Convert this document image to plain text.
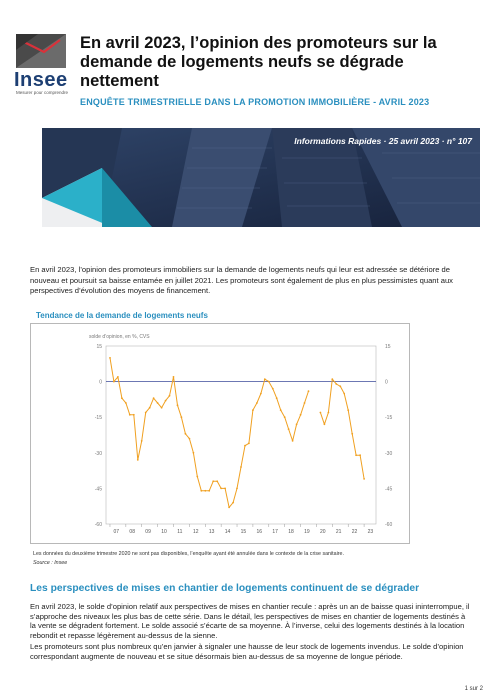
Insee
Mesurer pour comprendre
En avril 2023, l’opinion des promoteurs sur la demande de logements neufs se dégrade nettement
ENQUÊTE TRIMESTRIELLE DANS LA PROMOTION IMMOBILIÈRE - AVRIL 2023
Informations Rapides · 25 avril 2023 · n° 107
En avril 2023, l’opinion des promoteurs immobiliers sur la demande de logements neufs qui leur est adressée se détériore de nouveau et poursuit sa baisse entamée en juillet 2021. Les promoteurs sont également de plus en plus pessimistes quant aux perspectives d’évolution des moyens de financement.
Tendance de la demande de logements neufs
solde d’opinion, en %, CVS
15	15
0	0
-15	-15
-30	-30
-45	-45
-60	-60
07 08 09 10 11 12 13 14 15 16 17 18 19 20 21 22 23
Les données du deuxième trimestre 2020 ne sont pas disponibles, l’enquête ayant été annulée dans le contexte de la crise sanitaire.
Source : Insee
Les perspectives de mises en chantier de logements continuent de se dégrader
En avril 2023, le solde d’opinion relatif aux perspectives de mises en chantier recule : après un an de baisse quasi ininterrompue, il s’approche des niveaux les plus bas de cette série. Dans le détail, les perspectives de mises en chantier de logements destinés à la vente se dégradent fortement. Le solde associé s’écarte de sa moyenne. À l’inverse, celui des logements destinés à la location rebondit et repasse légèrement au-dessus de la sienne.
Les promoteurs sont plus nombreux qu’en janvier à signaler une hausse de leur stock de logements invendus. Le solde d’opinion correspondant augmente de nouveau et se situe désormais bien au-dessus de sa moyenne de longue période.
1 sur 2
